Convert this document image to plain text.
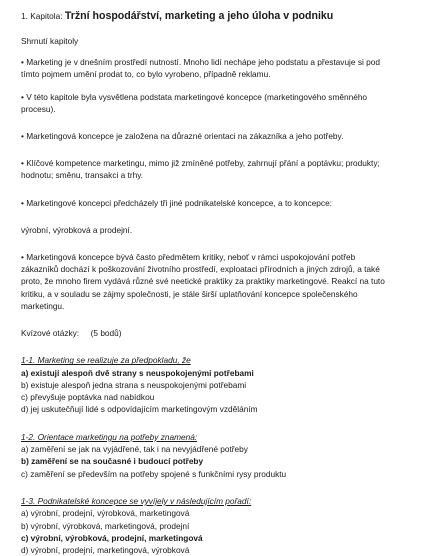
1. Kapitola: Tržní hospodářství, marketing a jeho úloha v podniku

Shrnutí kapitoly

• Marketing je v dnešním prostředí nutností. Mnoho lidí nechápe jeho podstatu a přestavuje si pod
tímto pojmem umění prodat to, co bylo vyrobeno, případně reklamu.
• V této kapitole byla vysvětlena podstata marketingové koncepce (marketingového směnného
procesu).
• Marketingová koncepce je založena na důrazné orientaci na zákazníka a jeho potřeby.
• Klíčové kompetence marketingu, mimo již zmíněné potřeby, zahrnují přání a poptávku; produkty;
hodnotu; směnu, transakci a trhy.
• Marketingové koncepci předcházely tři jiné podnikatelské koncepce, a to koncepce:
výrobní, výrobková a prodejní.
• Marketingová koncepce bývá často předmětem kritiky, neboť v rámci uspokojování potřeb
zákazníků dochází k poškozování životního prostředí, exploataci přírodních a jiných zdrojů, a také
proto, že mnoho firem vydává různé své neetické praktiky za praktiky marketingové. Reakcí na tuto
kritiku, a v souladu se zájmy společnosti, je stále širší uplatňování koncepce společenského
marketingu.

Kvízové otázky: (5 bodů)

1-1. Marketing se realizuje za předpokladu, že
a) existují alespoň dvě strany s neuspokojenými potřebami
b) existuje alespoň jedna strana s neuspokojenými potřebami
c) převyšuje poptávka nad nabídkou
d) jej uskutečňují lidé s odpovídajícím marketingovým vzděláním
1-2. Orientace marketingu na potřeby znamená:
a) zaměření se jak na vyjádřené, tak i na nevyjádřené potřeby
b) zaměření se na současné i budoucí potřeby
c) zaměření se především na potřeby spojené s funkčními rysy produktu
1-3. Podnikatelské koncepce se vyvíjely v následujícím pořadí:
a) výrobní, prodejní, výrobková, marketingová
b) výrobní, výrobková, marketingová, prodejní
c) výrobní, výrobková, prodejní, marketingová
d) výrobní, prodejní, marketingová, výrobková
